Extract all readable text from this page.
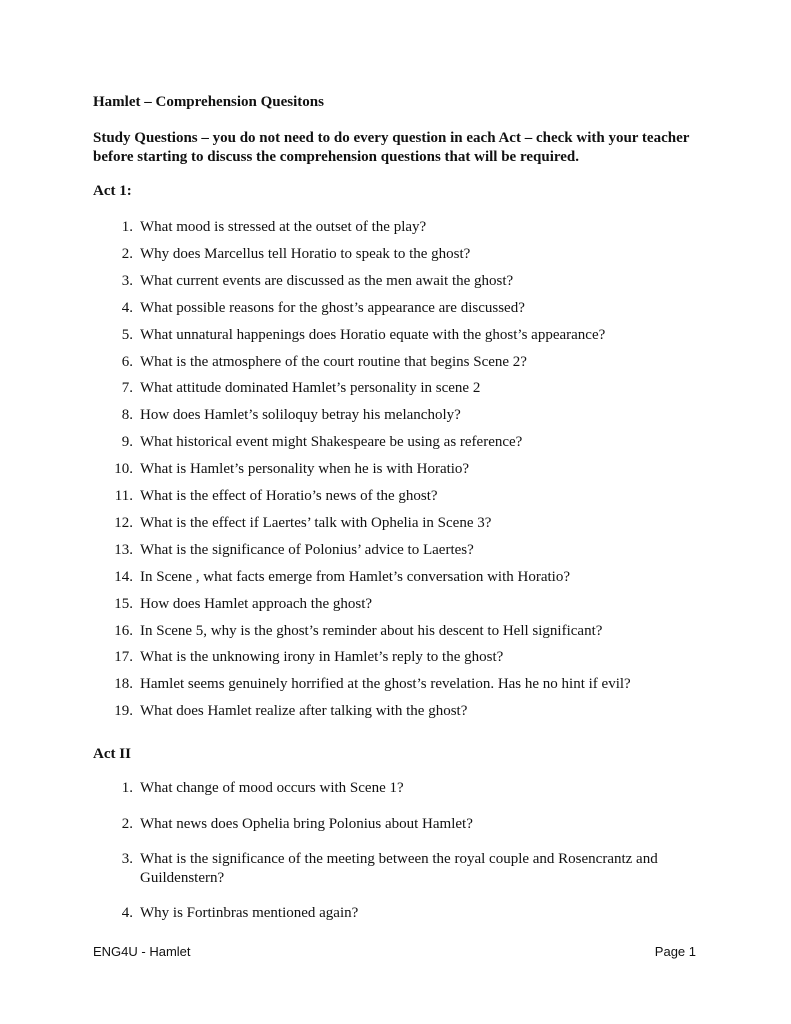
Hamlet – Comprehension Quesitons
Study Questions – you do not need to do every question in each Act – check with your teacher before starting to discuss the comprehension questions that will be required.
Act 1:
1. What mood is stressed at the outset of the play?
2. Why does Marcellus tell Horatio to speak to the ghost?
3. What current events are discussed as the men await the ghost?
4. What possible reasons for the ghost’s appearance are discussed?
5. What unnatural happenings does Horatio equate with the ghost’s appearance?
6. What is the atmosphere of the court routine that begins Scene 2?
7. What attitude dominated Hamlet’s personality in scene 2
8. How does Hamlet’s soliloquy betray his melancholy?
9. What historical event might Shakespeare be using as reference?
10. What is Hamlet’s personality when he is with Horatio?
11. What is the effect of Horatio’s news of the ghost?
12. What is the effect if Laertes’ talk with Ophelia in Scene 3?
13. What is the significance of Polonius’ advice to Laertes?
14. In Scene , what facts emerge from Hamlet’s conversation with Horatio?
15. How does Hamlet approach the ghost?
16. In Scene 5, why is the ghost’s reminder about his descent to Hell significant?
17. What is the unknowing irony in Hamlet’s reply to the ghost?
18. Hamlet seems genuinely horrified at the ghost’s revelation. Has he no hint if evil?
19. What does Hamlet realize after talking with the ghost?
Act II
1. What change of mood occurs with Scene 1?
2. What news does Ophelia bring Polonius about Hamlet?
3. What is the significance of the meeting between the royal couple and Rosencrantz and Guildenstern?
4. Why is Fortinbras mentioned again?
ENG4U - Hamlet	Page 1
